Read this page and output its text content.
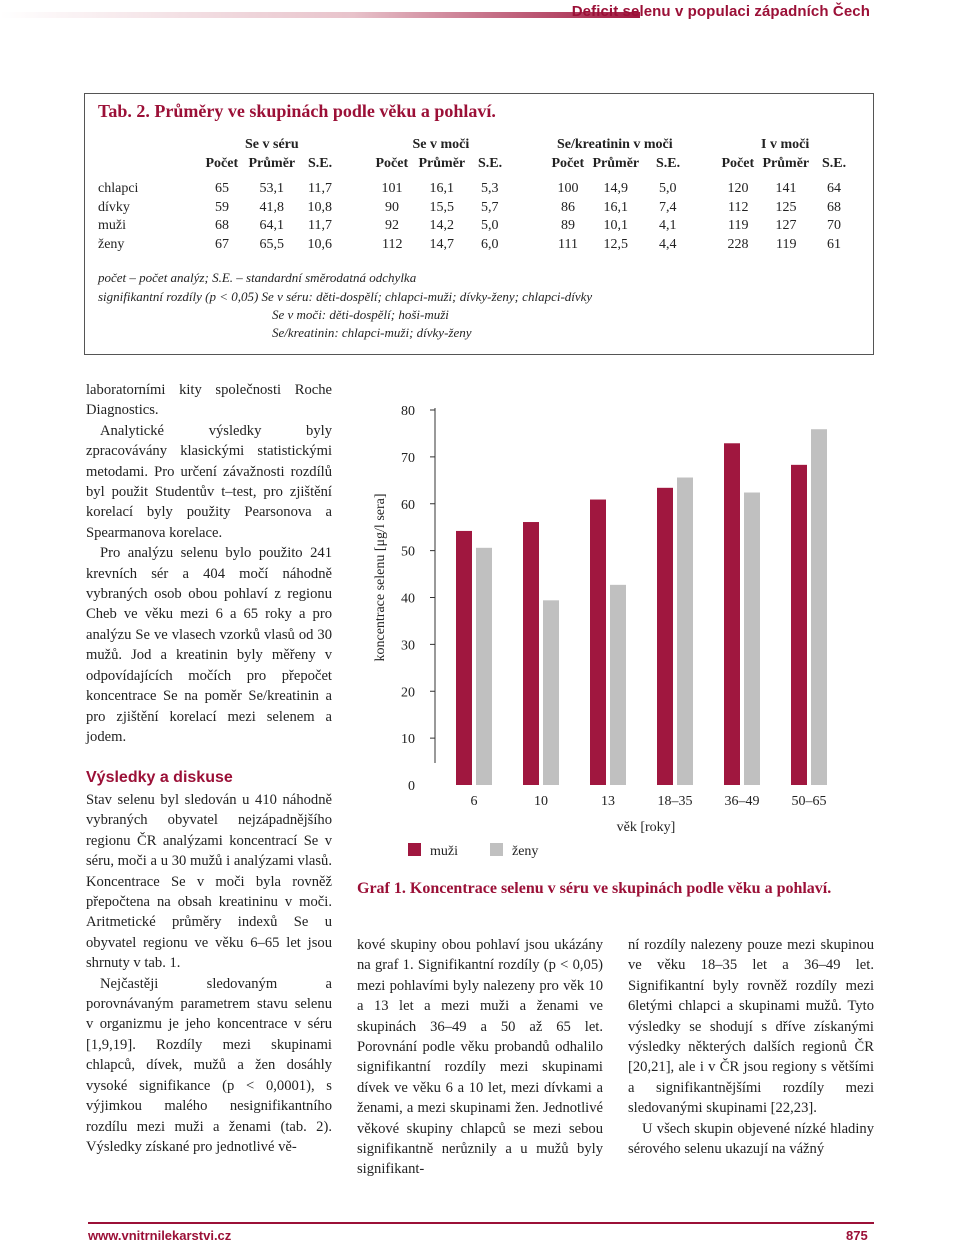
Deficit selenu v populaci západních Čech
Tab. 2. Průměry ve skupinách podle věku a pohlaví.
Se v séru	Se v moči	Se/kreatinin v moči	I v moči
Počet Průměr S.E.	Počet Průměr S.E.	Počet Průměr S.E.	Počet Průměr S.E.
chlapci	65 53,1 11,7	101 16,1 5,3	100 14,9 5,0	120 141 64
dívky	59 41,8 10,8	90 15,5 5,7	86 16,1 7,4	112 125 68
muži	68 64,1 11,7	92 14,2 5,0	89 10,1 4,1	119 127 70
ženy	67 65,5 10,6	112 14,7 6,0	111 12,5 4,4	228 119 61
počet – počet analýz; S.E. – standardní směrodatná odchylka
signifikantní rozdíly (p < 0,05) Se v séru: děti-dospělí; chlapci-muži; dívky-ženy; chlapci-dívky
Se v moči: děti-dospělí; hoši-muži
Se/kreatinin: chlapci-muži; dívky-ženy

laboratorními kity společnosti Roche Diagnostics.

Analytické výsledky byly zpracovávány klasickými statistickými metodami. Pro určení závažnosti rozdílů byl použit Studentův t–test, pro zjištění korelací byly použity Pearsonova a Spearmanova korelace.

Pro analýzu selenu bylo použito 241 krevních sér a 404 močí náhodně vybraných osob obou pohlaví z regionu Cheb ve věku mezi 6 a 65 roky a pro analýzu Se ve vlasech vzorků vlasů od 30 mužů. Jod a kreatinin byly měřeny v odpovídajících močích pro přepočet koncentrace Se na poměr Se/kreatinin a pro zjištění korelací mezi selenem a jodem.

Výsledky a diskuse

Stav selenu byl sledován u 410 náhodně vybraných obyvatel nejzápadnějšího regionu ČR analýzami koncentrací Se v séru, moči a u 30 mužů i analýzami vlasů. Koncentrace Se v moči byla rovněž přepočtena na obsah kreatininu v moči. Aritmetické průměry indexů Se u obyvatel regionu ve věku 6–65 let jsou shrnuty v tab. 1.

Nejčastěji sledovaným a porovnávaným parametrem stavu selenu v organizmu je jeho koncentrace v séru [1,9,19]. Rozdíly mezi skupinami chlapců, dívek, mužů a žen dosáhly vysoké signifikance (p < 0,0001), s výjimkou malého nesignifikantního rozdílu mezi muži a ženami (tab. 2). Výsledky získané pro jednotlivé vě-

0
10
20
30
40
50
60
70
80
koncentrace selenu [μg/l sera]
6	10	13	18–35 36–49 50–65
věk [roky]
muži	ženy
Graf 1. Koncentrace selenu v séru ve skupinách podle věku a pohlaví.

kové skupiny obou pohlaví jsou ukázány na graf 1. Signifikantní rozdíly (p < 0,05) mezi pohlavími byly nalezeny pro věk 10 a 13 let a mezi muži a ženami ve skupinách 36–49 a 50 až 65 let. Porovnání podle věku probandů odhalilo signifikantní rozdíly mezi skupinami dívek ve věku 6 a 10 let, mezi dívkami a ženami, a mezi skupinami žen. Jednotlivé věkové skupiny chlapců se mezi sebou signifikantně nerůznily a u mužů byly signifikant-

ní rozdíly nalezeny pouze mezi skupinou ve věku 18–35 let a 36–49 let. Signifikantní byly rovněž rozdíly mezi 6letými chlapci a skupinami mužů. Tyto výsledky se shodují s dříve získanými výsledky některých dalších regionů ČR [20,21], ale i v ČR jsou regiony s většími a signifikantnějšími rozdíly mezi sledovanými skupinami [22,23].

U všech skupin objevené nízké hladiny sérového selenu ukazují na vážný

www.vnitrnilekarstvi.cz	875
